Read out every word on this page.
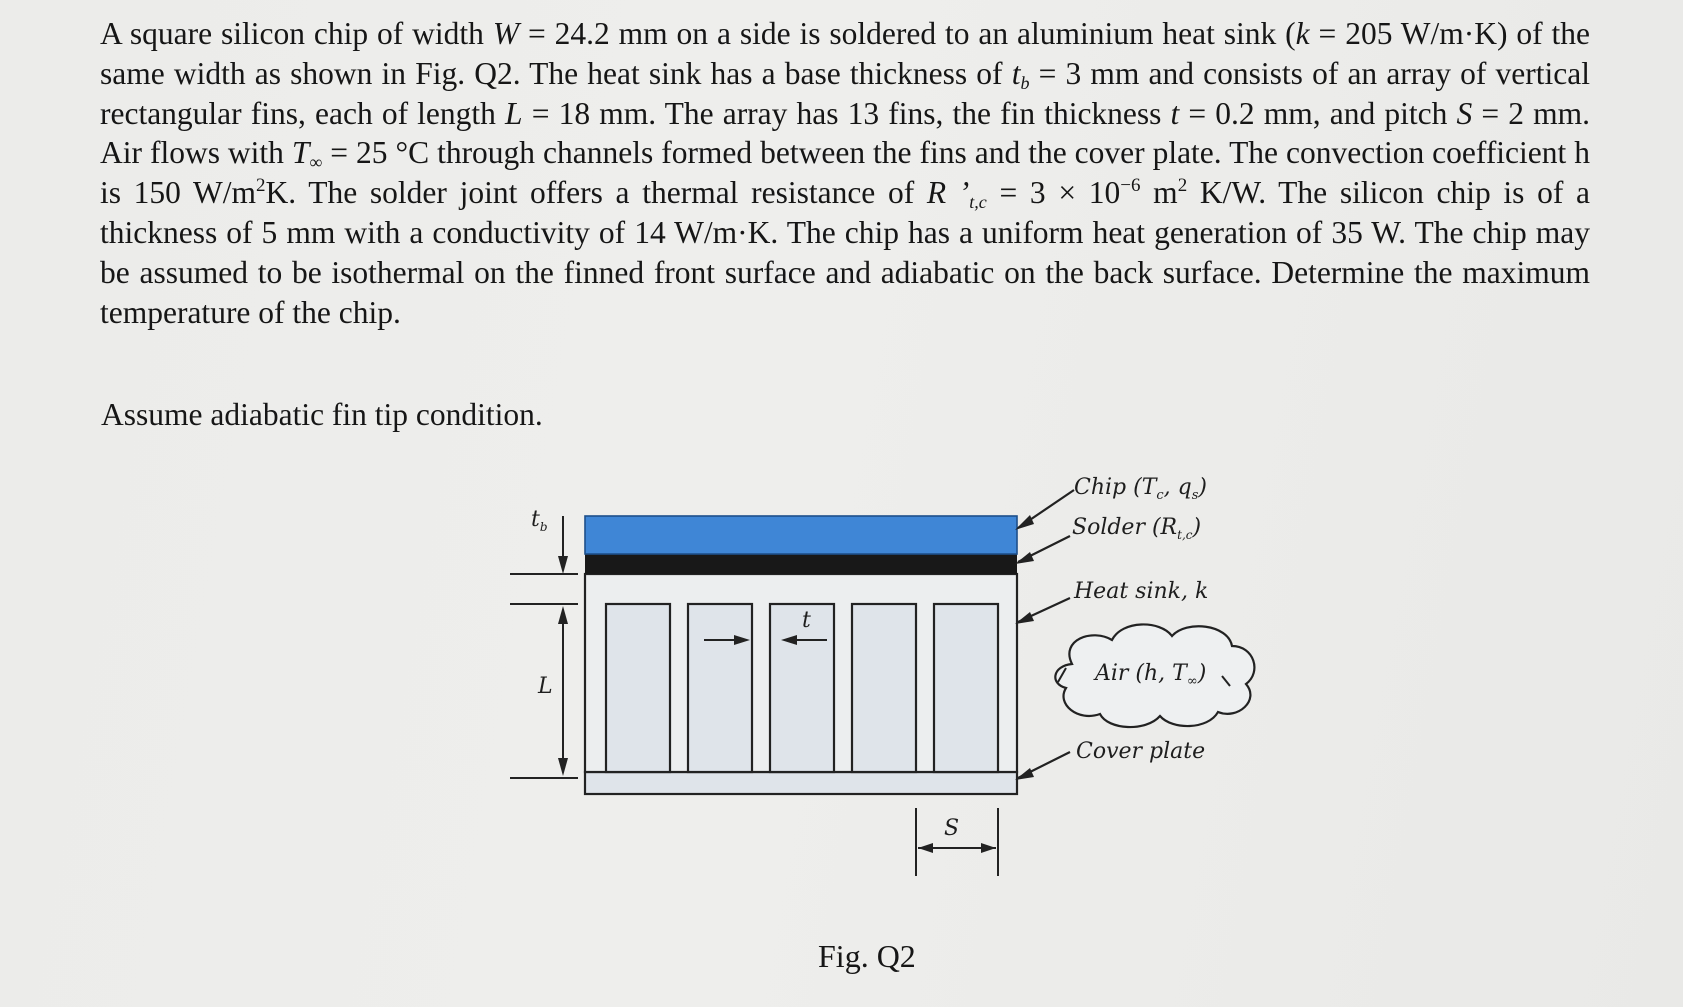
A square silicon chip of width W = 24.2 mm on a side is soldered to an aluminium heat sink (k = 205 W/m·K) of the same width as shown in Fig. Q2. The heat sink has a base thickness of $t_b = 3$ mm and consists of an array of vertical rectangular fins, each of length L = 18 mm. The array has 13 fins, the fin thickness t = 0.2 mm, and pitch S = 2 mm. Air flows with $T_\infty = 25$ °C through channels formed between the fins and the cover plate. The convection coefficient h is 150 $W/m^2K$. The solder joint offers a thermal resistance of R $’_{t,c} = 3 \times 10^{-6}$ $m^2$ K/W. The silicon chip is of a thickness of 5 mm with a conductivity of 14 W/m·K. The chip has a uniform heat generation of 35 W. The chip may be assumed to be isothermal on the finned front surface and adiabatic on the back surface. Determine the maximum temperature of the chip.

Assume adiabatic fin tip condition.

$t_b$
L
t
S
Chip ($T_c$, $q_s$)
Solder $(R_{t,c})$
Heat sink, k
Air (h, $T_\infty$)
Cover plate

Fig. Q2
